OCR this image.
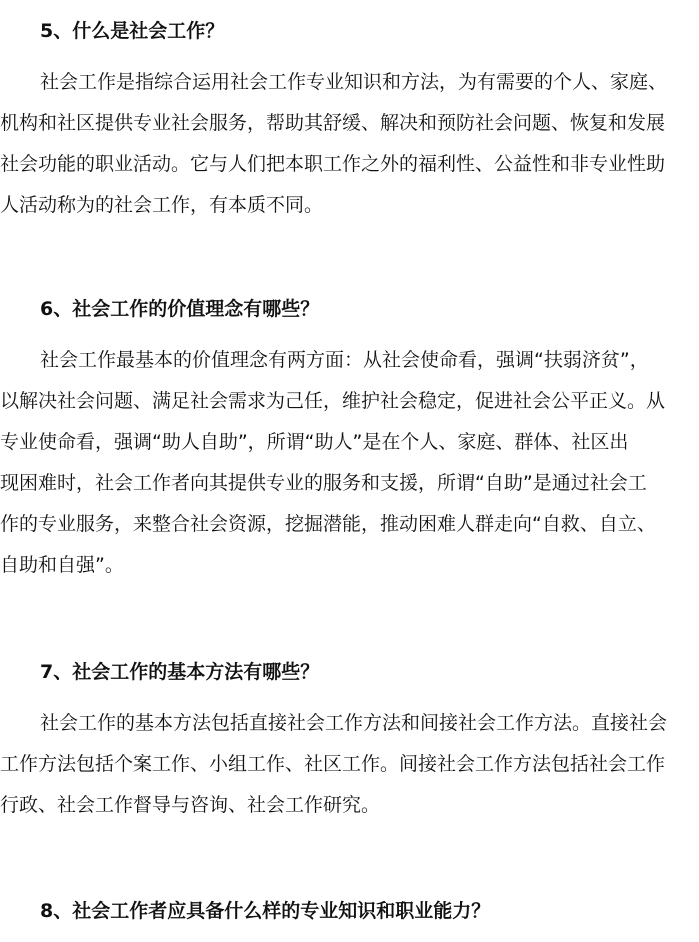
5、什么是社会工作？
社会工作是指综合运用社会工作专业知识和方法，为有需要的个人、家庭、
机构和社区提供专业社会服务，帮助其舒缓、解决和预防社会问题、恢复和发展
社会功能的职业活动。它与人们把本职工作之外的福利性、公益性和非专业性助
人活动称为的社会工作，有本质不同。
6、社会工作的价值理念有哪些？
社会工作最基本的价值理念有两方面：从社会使命看，强调“扶弱济贫”，
以解决社会问题、满足社会需求为己任，维护社会稳定，促进社会公平正义。从
专业使命看，强调“助人自助”，所谓“助人”是在个人、家庭、群体、社区出
现困难时，社会工作者向其提供专业的服务和支援，所谓“自助”是通过社会工
作的专业服务，来整合社会资源，挖掘潜能，推动困难人群走向“自救、自立、
自助和自强”。
7、社会工作的基本方法有哪些？
社会工作的基本方法包括直接社会工作方法和间接社会工作方法。直接社会
工作方法包括个案工作、小组工作、社区工作。间接社会工作方法包括社会工作
行政、社会工作督导与咨询、社会工作研究。
8、社会工作者应具备什么样的专业知识和职业能力？
